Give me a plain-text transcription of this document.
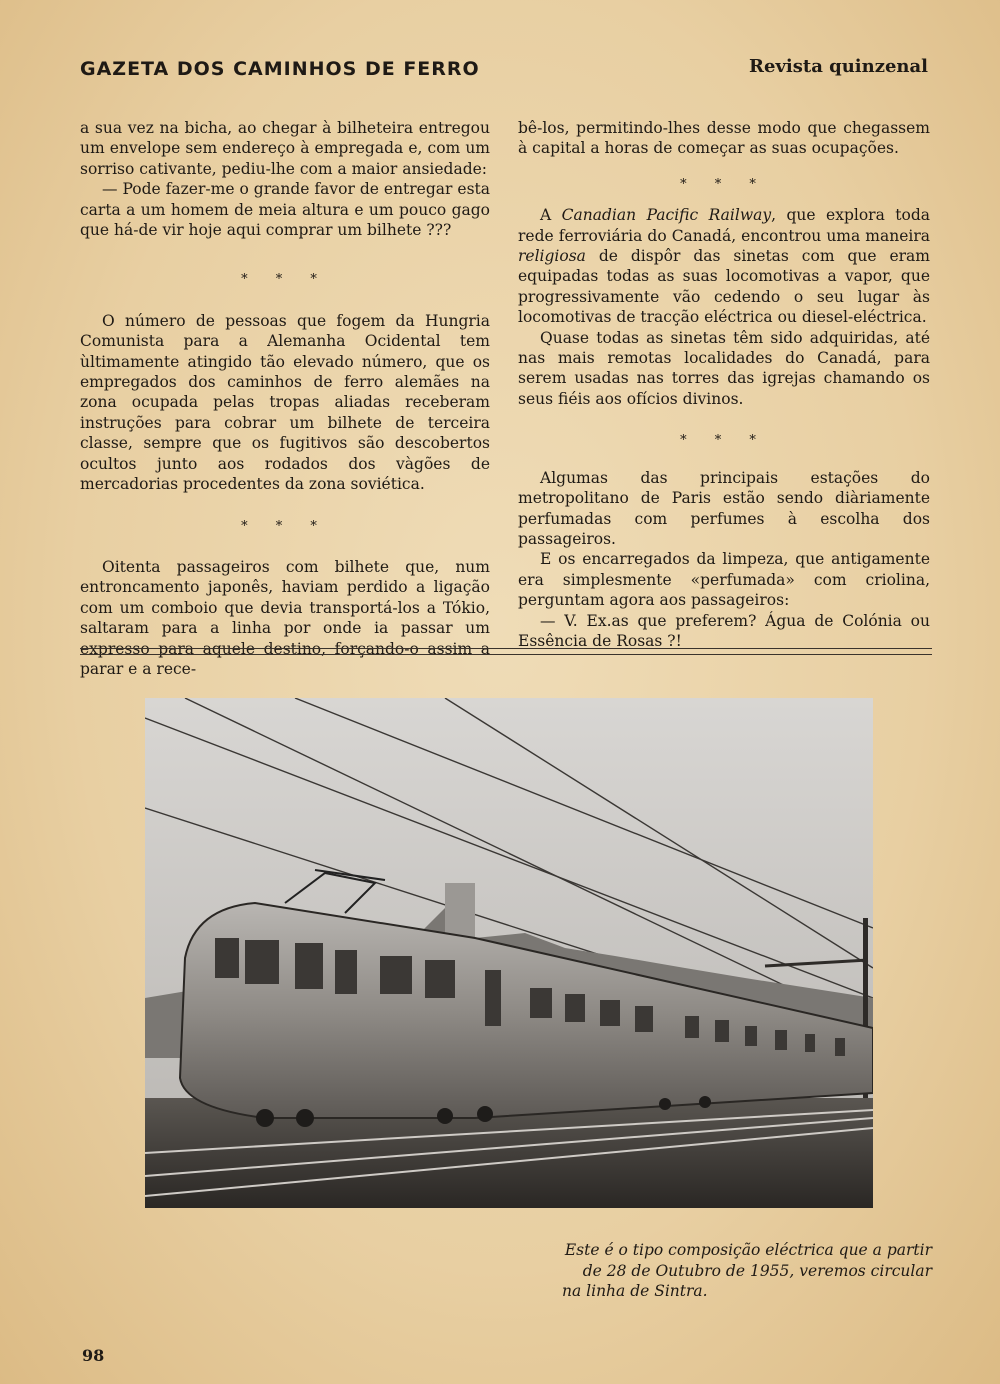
GAZETA DOS CAMINHOS DE FERRO	Revista quinzenal

a sua vez na bicha, ao chegar à bilheteira entregou um envelope sem endereço à empregada e, com um sorriso cativante, pediu-lhe com a maior ansiedade:

— Pode fazer-me o grande favor de entregar esta carta a um homem de meia altura e um pouco gago que há-de vir hoje aqui comprar um bilhete ???

* * *

O número de pessoas que fogem da Hungria Comunista para a Alemanha Ocidental tem ùltimamente atingido tão elevado número, que os empregados dos caminhos de ferro alemães na zona ocupada pelas tropas aliadas receberam instruções para cobrar um bilhete de terceira classe, sempre que os fugitivos são descobertos ocultos junto aos rodados dos vàgões de mercadorias procedentes da zona soviética.

* * *

Oitenta passageiros com bilhete que, num entroncamento japonês, haviam perdido a ligação com um comboio que devia transportá-los a Tókio, saltaram para a linha por onde ia passar um expresso para aquele destino, forçando-o assim a parar e a rece-

bê-los, permitindo-lhes desse modo que chegassem à capital a horas de começar as suas ocupações.

* * *

A Canadian Pacific Railway, que explora toda rede ferroviária do Canadá, encontrou uma maneira religiosa de dispôr das sinetas com que eram equipadas todas as suas locomotivas a vapor, que progressivamente vão cedendo o seu lugar às locomotivas de tracção eléctrica ou diesel-eléctrica.

Quase todas as sinetas têm sido adquiridas, até nas mais remotas localidades do Canadá, para serem usadas nas torres das igrejas chamando os seus fiéis aos ofícios divinos.

* * *

Algumas das principais estações do metropolitano de Paris estão sendo diàriamente perfumadas com perfumes à escolha dos passageiros.

E os encarregados da limpeza, que antigamente era simplesmente «perfumada» com criolina, perguntam agora aos passageiros:

— V. Ex.as que preferem? Água de Colónia ou Essência de Rosas ?!

Este é o tipo composição eléctrica que a partir
de 28 de Outubro de 1955, veremos circular
na linha de Sintra.
98
